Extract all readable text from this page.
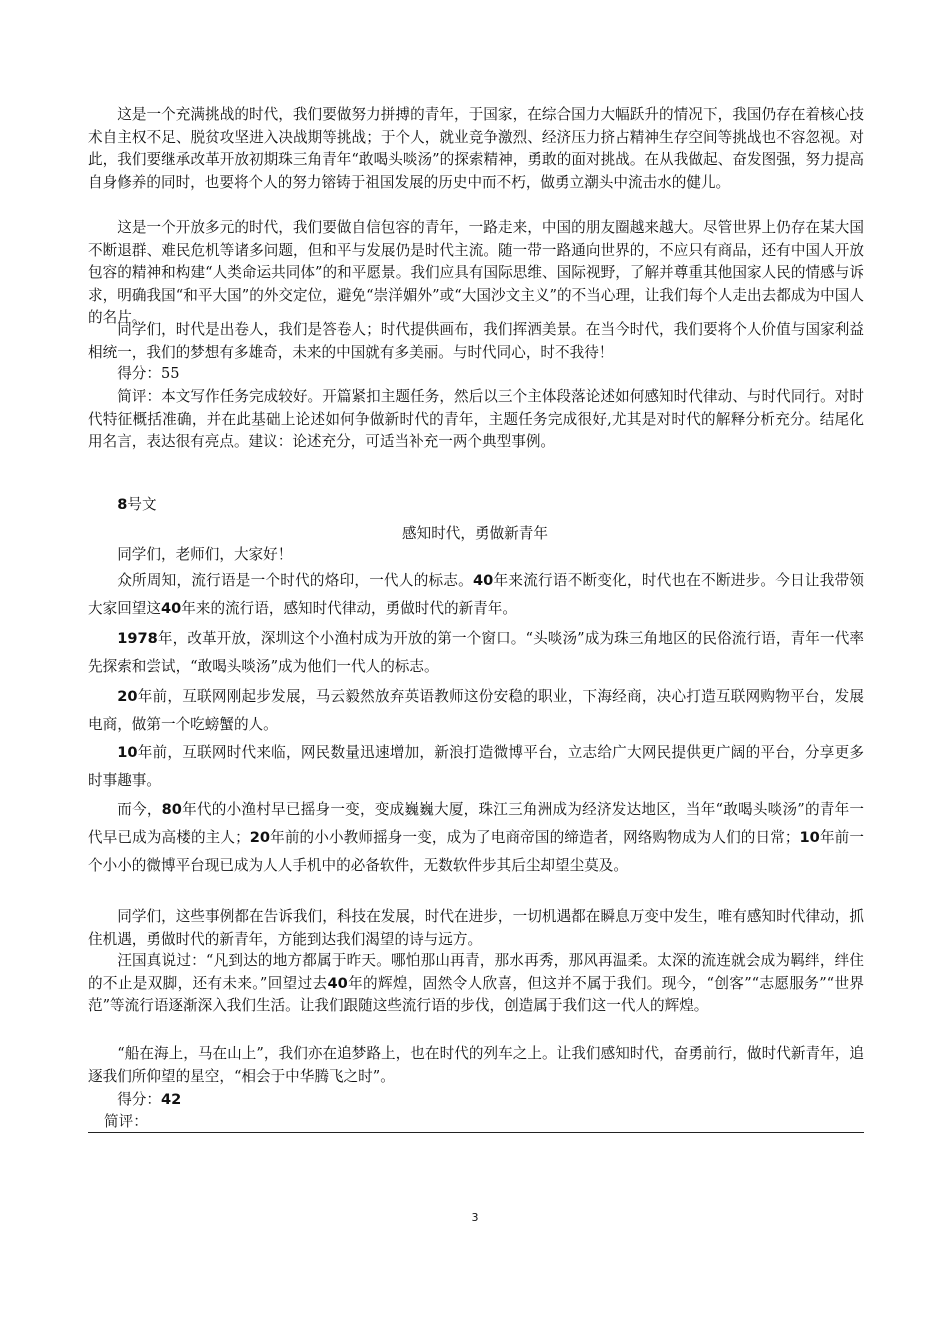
这是一个充满挑战的时代，我们要做努力拼搏的青年，于国家，在综合国力大幅跃升的情况下，我国仍存在着核心技术自主权不足、脱贫攻坚进入决战期等挑战；于个人，就业竞争激烈、经济压力挤占精神生存空间等挑战也不容忽视。对此，我们要继承改革开放初期珠三角青年“敢喝头啖汤”的探索精神，勇敢的面对挑战。在从我做起、奋发图强，努力提高自身修养的同时，也要将个人的努力镕铸于祖国发展的历史中而不朽，做勇立潮头中流击水的健儿。

这是一个开放多元的时代，我们要做自信包容的青年，一路走来，中国的朋友圈越来越大。尽管世界上仍存在某大国不断退群、难民危机等诸多问题，但和平与发展仍是时代主流。随一带一路通向世界的，不应只有商品，还有中国人开放包容的精神和构建“人类命运共同体”的和平愿景。我们应具有国际思维、国际视野，了解并尊重其他国家人民的情感与诉求，明确我国“和平大国”的外交定位，避免“崇洋媚外”或“大国沙文主义”的不当心理，让我们每个人走出去都成为中国人的名片。

同学们，时代是出卷人，我们是答卷人；时代提供画布，我们挥洒美景。在当今时代，我们要将个人价值与国家利益相统一，我们的梦想有多雄奇，未来的中国就有多美丽。与时代同心，时不我待！

得分：55

简评：本文写作任务完成较好。开篇紧扣主题任务，然后以三个主体段落论述如何感知时代律动、与时代同行。对时代特征概括准确，并在此基础上论述如何争做新时代的青年，主题任务完成很好,尤其是对时代的解释分析充分。结尾化用名言，表达很有亮点。建议：论述充分，可适当补充一两个典型事例。

8号文

感知时代，勇做新青年

同学们，老师们，大家好！

众所周知，流行语是一个时代的烙印，一代人的标志。40年来流行语不断变化，时代也在不断进步。今日让我带领大家回望这40年来的流行语，感知时代律动，勇做时代的新青年。

1978年，改革开放，深圳这个小渔村成为开放的第一个窗口。“头啖汤”成为珠三角地区的民俗流行语，青年一代率先探索和尝试，“敢喝头啖汤”成为他们一代人的标志。

20年前，互联网刚起步发展，马云毅然放弃英语教师这份安稳的职业，下海经商，决心打造互联网购物平台，发展电商，做第一个吃螃蟹的人。

10年前，互联网时代来临，网民数量迅速增加，新浪打造微博平台，立志给广大网民提供更广阔的平台，分享更多时事趣事。

而今，80年代的小渔村早已摇身一变，变成巍巍大厦，珠江三角洲成为经济发达地区，当年“敢喝头啖汤”的青年一代早已成为高楼的主人；20年前的小小教师摇身一变，成为了电商帝国的缔造者，网络购物成为人们的日常；10年前一个小小的微博平台现已成为人人手机中的必备软件，无数软件步其后尘却望尘莫及。

同学们，这些事例都在告诉我们，科技在发展，时代在进步，一切机遇都在瞬息万变中发生，唯有感知时代律动，抓住机遇，勇做时代的新青年，方能到达我们渴望的诗与远方。

汪国真说过：“凡到达的地方都属于昨天。哪怕那山再青，那水再秀，那风再温柔。太深的流连就会成为羁绊，绊住的不止是双脚，还有未来。”回望过去40年的辉煌，固然令人欣喜，但这并不属于我们。现今，“创客”“志愿服务”“世界范”等流行语逐渐深入我们生活。让我们跟随这些流行语的步伐，创造属于我们这一代人的辉煌。

“船在海上，马在山上”，我们亦在追梦路上，也在时代的列车之上。让我们感知时代，奋勇前行，做时代新青年，追逐我们所仰望的星空，“相会于中华腾飞之时”。

得分：42

简评：

3
